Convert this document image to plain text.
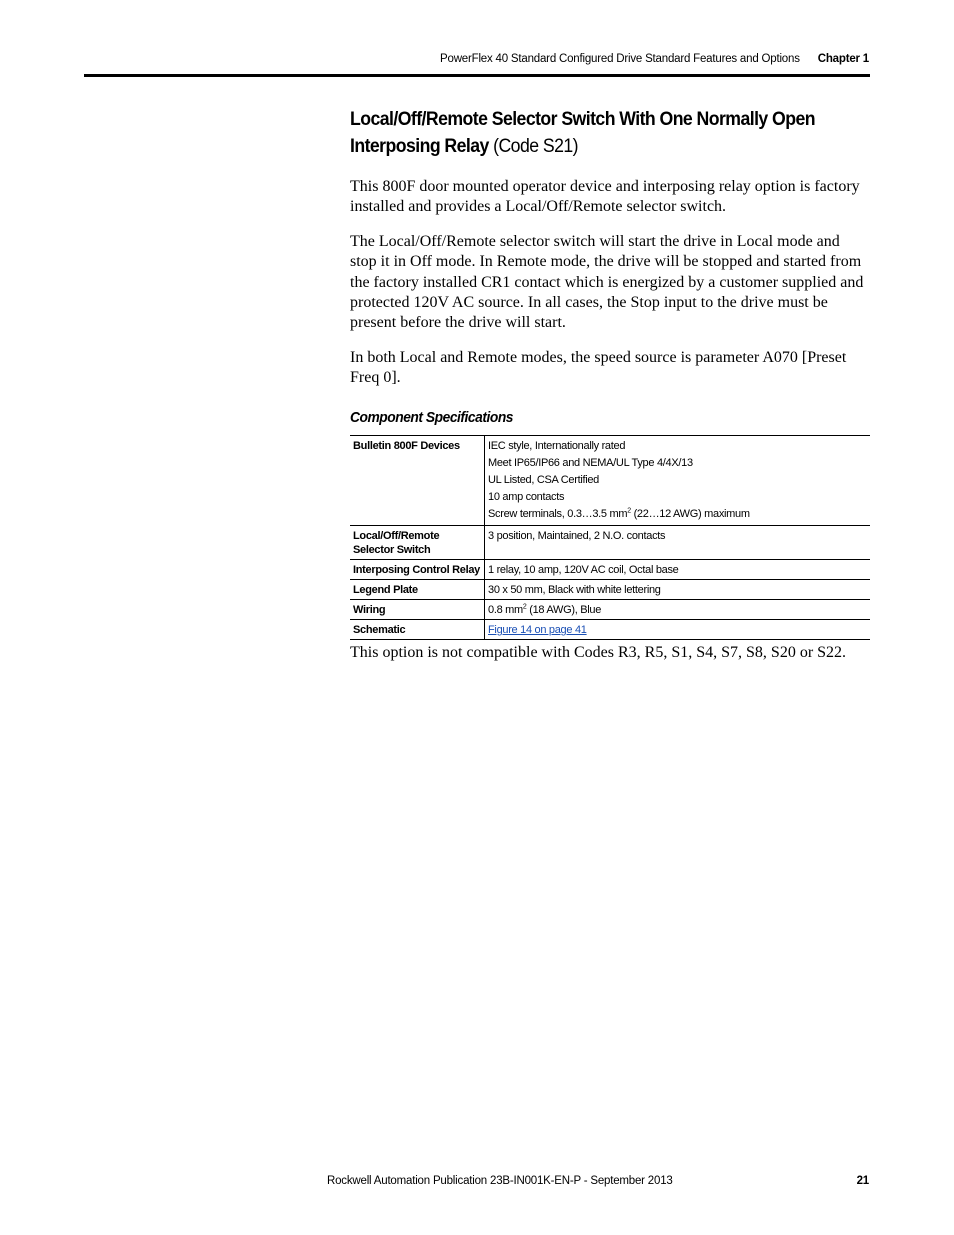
PowerFlex 40 Standard Configured Drive Standard Features and Options Chapter 1
Local/Off/Remote Selector Switch With One Normally Open
Interposing Relay (Code S21)

This 800F door mounted operator device and interposing relay option is factory installed and provides a Local/Off/Remote selector switch.

The Local/Off/Remote selector switch will start the drive in Local mode and stop it in Off mode. In Remote mode, the drive will be stopped and started from the factory installed CR1 contact which is energized by a customer supplied and protected 120V AC source. In all cases, the Stop input to the drive must be present before the drive will start.

In both Local and Remote modes, the speed source is parameter A070 [Preset Freq 0].

Component Specifications
Bulletin 800F Devices	IEC style, Internationally rated
Meet IP65/IP66 and NEMA/UL Type 4/4X/13
UL Listed, CSA Certified
10 amp contacts
Screw terminals, 0.3…3.5 $mm^2$ (22…12 AWG) maximum

Local/Off/Remote
Selector Switch	3 position, Maintained, 2 N.O. contacts
Interposing Control Relay	1 relay, 10 amp, 120V AC coil, Octal base
Legend Plate	30 x 50 mm, Black with white lettering
Wiring	0.8 $mm^2$ (18 AWG), Blue
Schematic	Figure 14 on page 41

This option is not compatible with Codes R3, R5, S1, S4, S7, S8, S20 or S22.

Rockwell Automation Publication 23B-IN001K-EN-P - September 2013	21
